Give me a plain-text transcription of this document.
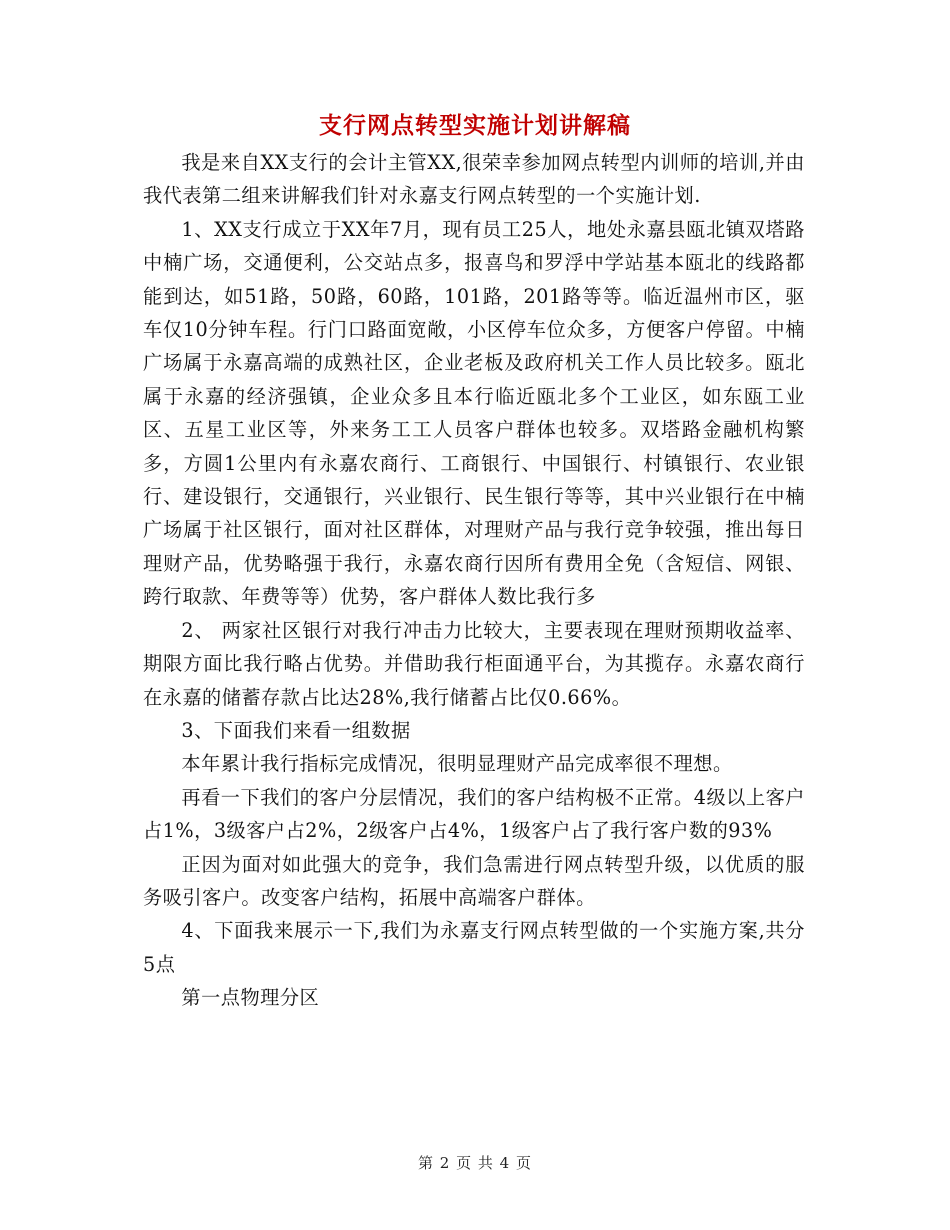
支行网点转型实施计划讲解稿

我是来自XX支行的会计主管XX,很荣幸参加网点转型内训师的培训,并由我代表第二组来讲解我们针对永嘉支行网点转型的一个实施计划.

1、XX支行成立于XX年7月，现有员工25人，地处永嘉县瓯北镇双塔路中楠广场，交通便利，公交站点多，报喜鸟和罗浮中学站基本瓯北的线路都能到达，如51路，50路，60路，101路，201路等等。临近温州市区，驱车仅10分钟车程。行门口路面宽敞，小区停车位众多，方便客户停留。中楠广场属于永嘉高端的成熟社区，企业老板及政府机关工作人员比较多。瓯北属于永嘉的经济强镇，企业众多且本行临近瓯北多个工业区，如东瓯工业区、五星工业区等，外来务工工人员客户群体也较多。双塔路金融机构繁多，方圆1公里内有永嘉农商行、工商银行、中国银行、村镇银行、农业银行、建设银行，交通银行，兴业银行、民生银行等等，其中兴业银行在中楠广场属于社区银行，面对社区群体，对理财产品与我行竞争较强，推出每日理财产品，优势略强于我行，永嘉农商行因所有费用全免（含短信、网银、跨行取款、年费等等）优势，客户群体人数比我行多

2、 两家社区银行对我行冲击力比较大，主要表现在理财预期收益率、期限方面比我行略占优势。并借助我行柜面通平台，为其揽存。永嘉农商行在永嘉的储蓄存款占比达28%,我行储蓄占比仅0.66%。

3、下面我们来看一组数据

本年累计我行指标完成情况，很明显理财产品完成率很不理想。

再看一下我们的客户分层情况，我们的客户结构极不正常。4级以上客户占1%，3级客户占2%，2级客户占4%，1级客户占了我行客户数的93%

正因为面对如此强大的竞争，我们急需进行网点转型升级，以优质的服务吸引客户。改变客户结构，拓展中高端客户群体。

4、下面我来展示一下,我们为永嘉支行网点转型做的一个实施方案,共分5点

第一点物理分区

第 2 页 共 4 页
